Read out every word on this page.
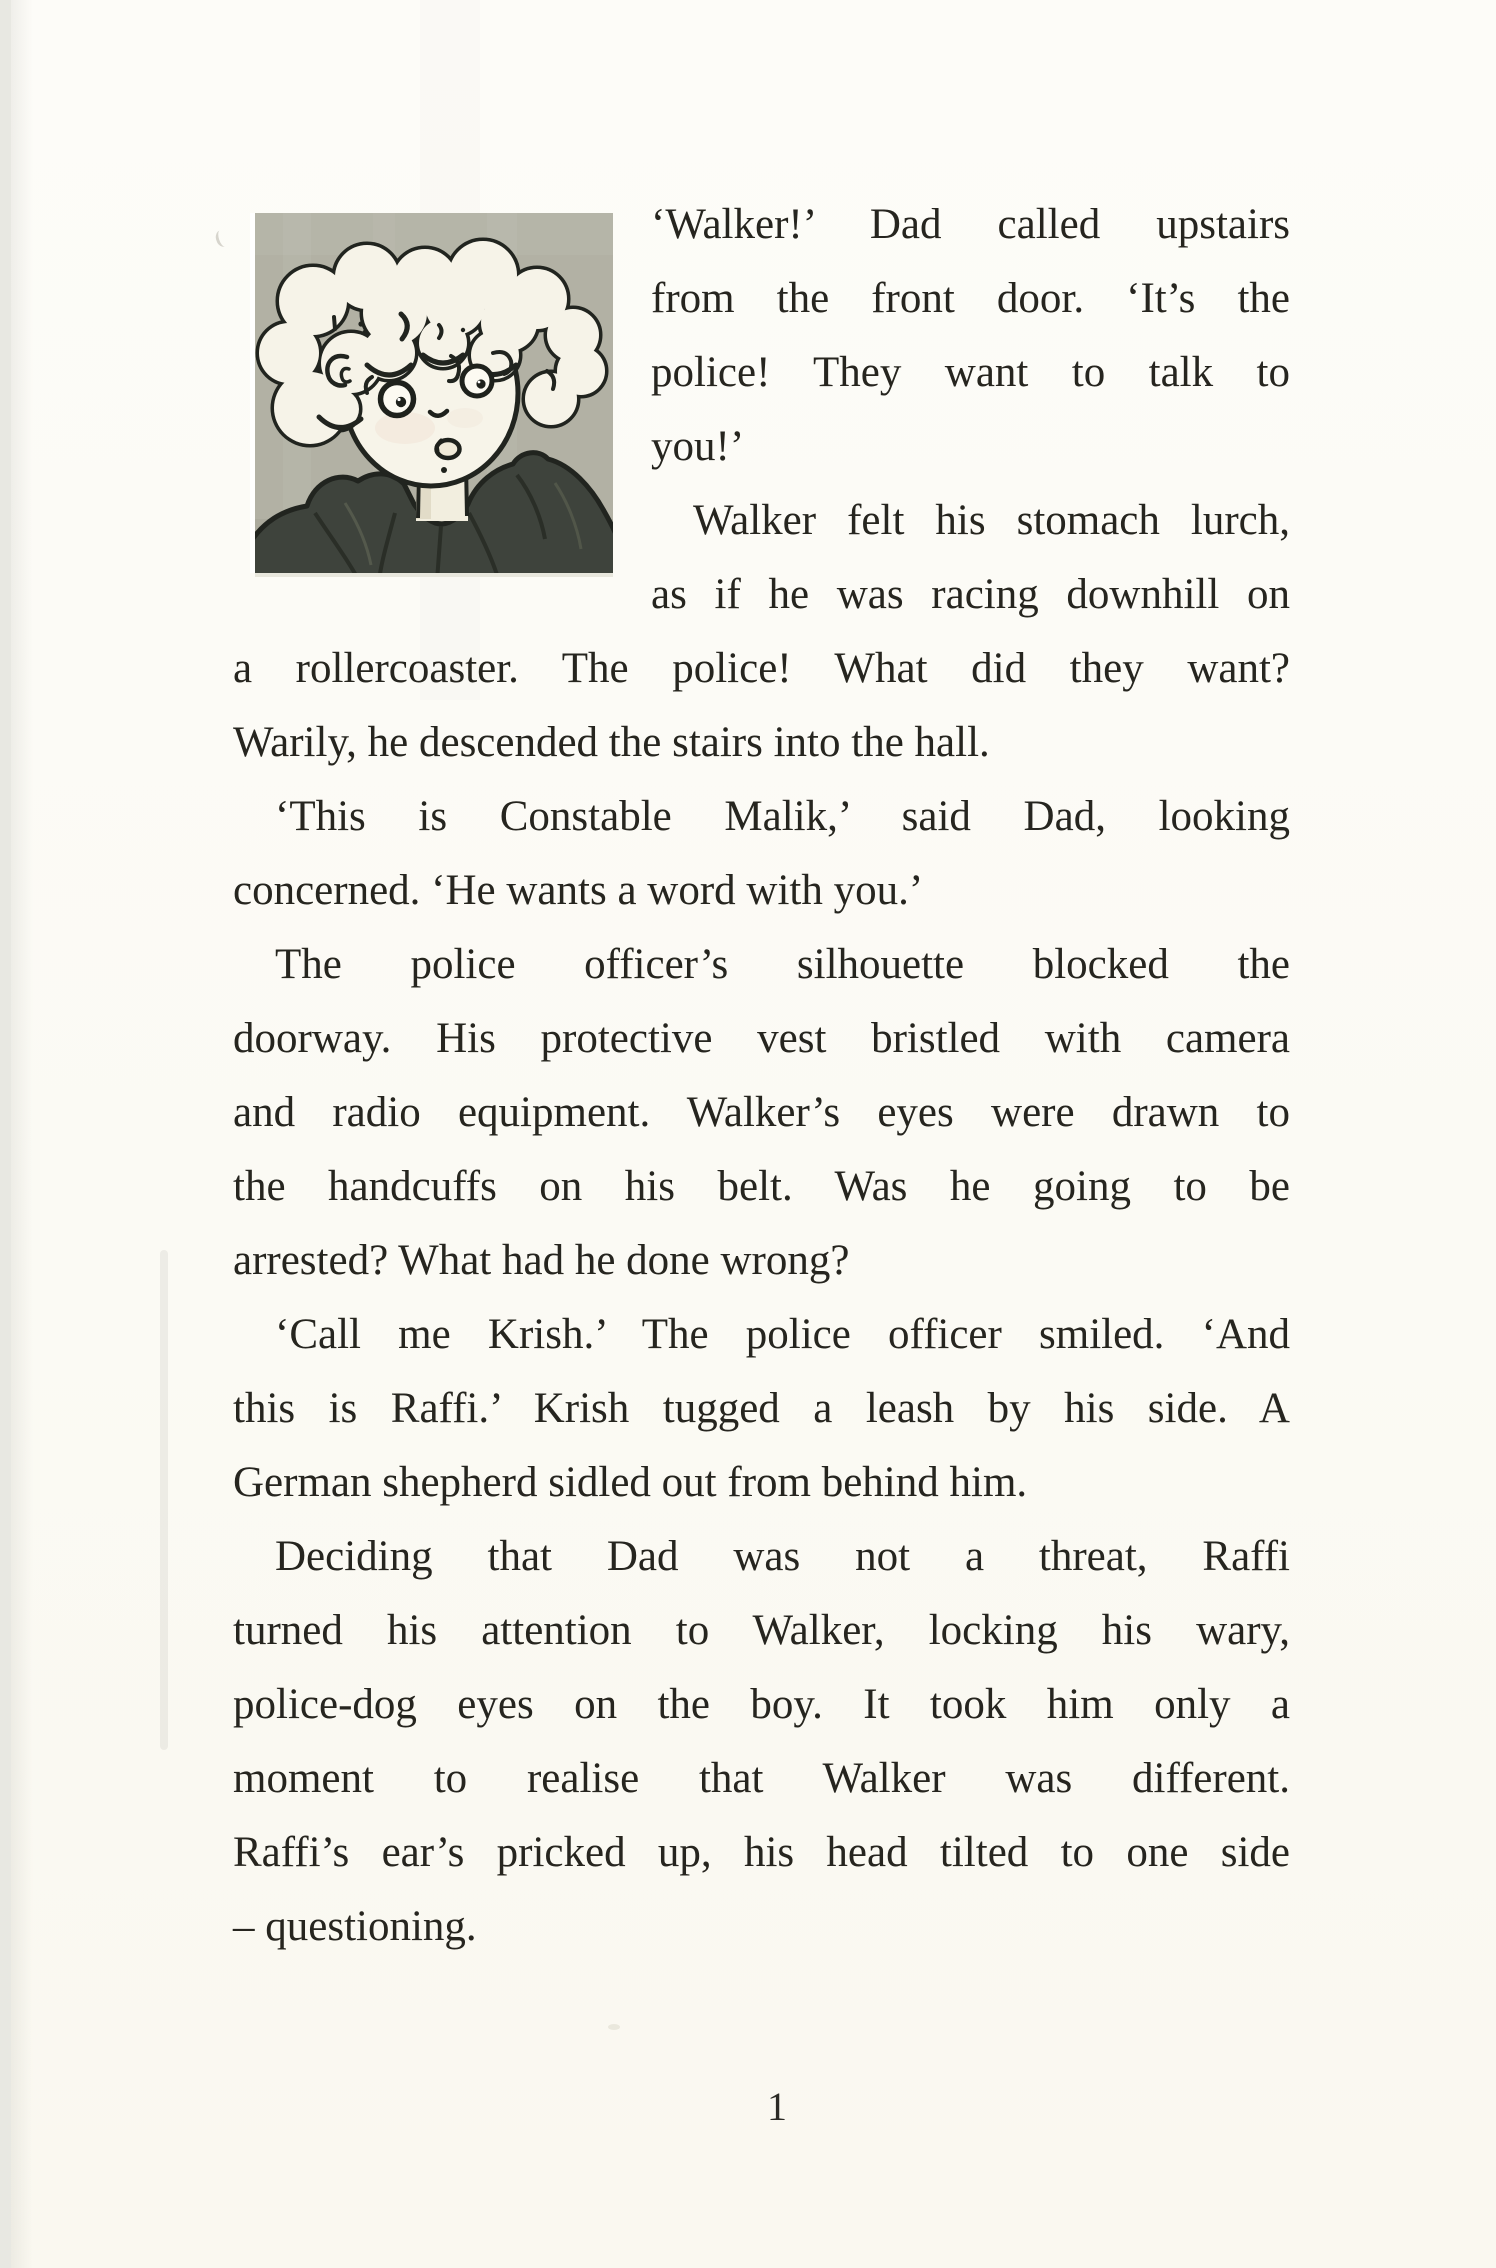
‘Walker!’ Dad called upstairs
from the front door. ‘It’s the
police! They want to talk to
you!’
Walker felt his stomach lurch,
as if he was racing downhill on
a rollercoaster. The police! What did they want?
Warily, he descended the stairs into the hall.
‘This is Constable Malik,’ said Dad, looking
concerned. ‘He wants a word with you.’
The police officer’s silhouette blocked the
doorway. His protective vest bristled with camera
and radio equipment. Walker’s eyes were drawn to
the handcuffs on his belt. Was he going to be
arrested? What had he done wrong?
‘Call me Krish.’ The police officer smiled. ‘And
this is Raffi.’ Krish tugged a leash by his side. A
German shepherd sidled out from behind him.
Deciding that Dad was not a threat, Raffi
turned his attention to Walker, locking his wary,
police-dog eyes on the boy. It took him only a
moment to realise that Walker was different.
Raffi’s ear’s pricked up, his head tilted to one side
– questioning.
1
